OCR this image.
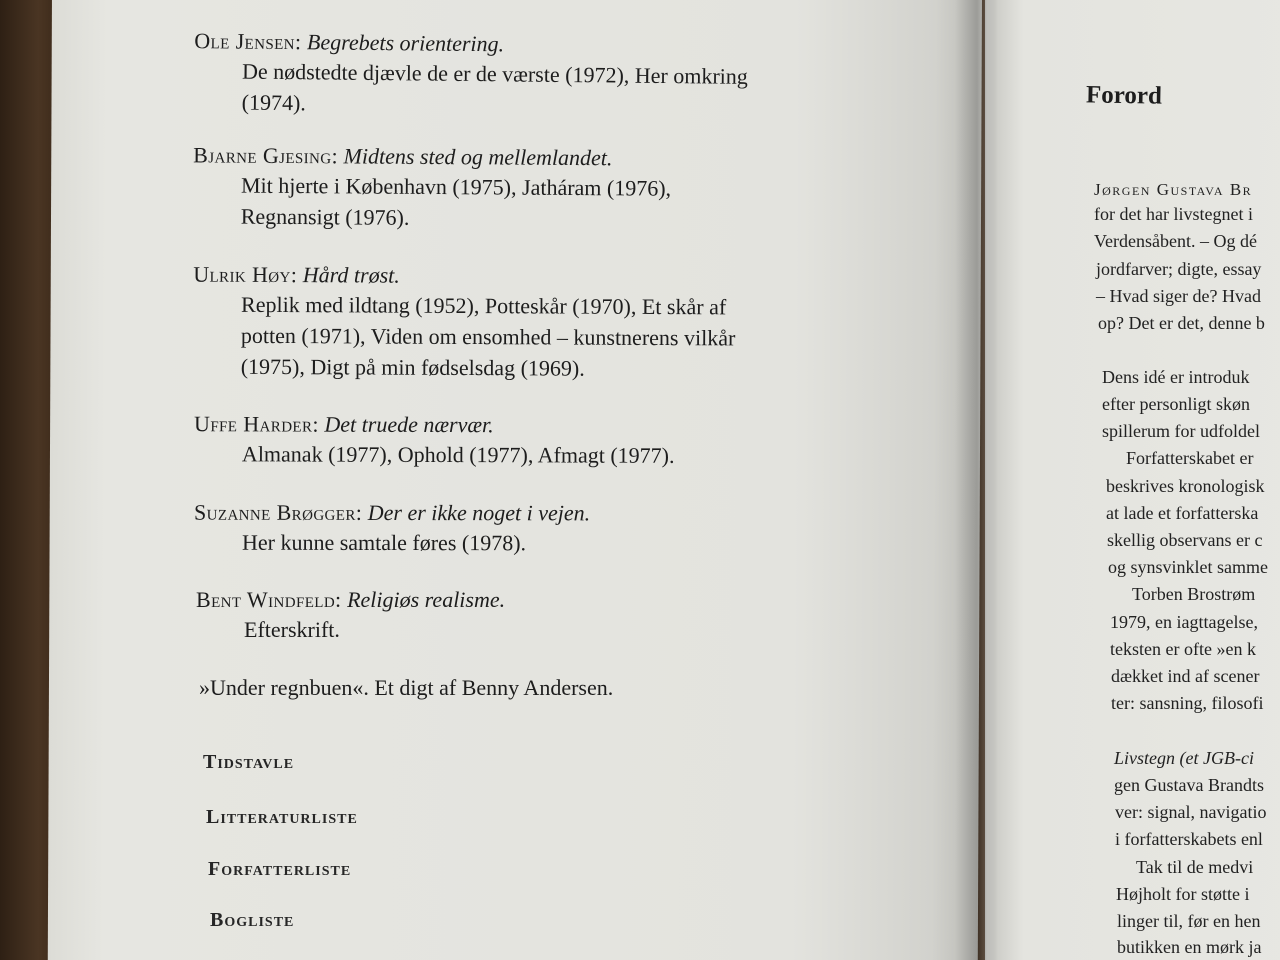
Ole Jensen: Begrebets orientering.
De nødstedte djævle de er de værste (1972), Her omkring
(1974).
Bjarne Gjesing: Midtens sted og mellemlandet.
Mit hjerte i København (1975), Jatháram (1976),
Regnansigt (1976).
Ulrik Høy: Hård trøst.
Replik med ildtang (1952), Potteskår (1970), Et skår af
potten (1971), Viden om ensomhed – kunstnerens vilkår
(1975), Digt på min fødselsdag (1969).
Uffe Harder: Det truede nærvær.
Almanak (1977), Ophold (1977), Afmagt (1977).
Suzanne Brøgger: Der er ikke noget i vejen.
Her kunne samtale føres (1978).
Bent Windfeld: Religiøs realisme.
Efterskrift.
»Under regnbuen«. Et digt af Benny Andersen.
Tidstavle
Litteraturliste
Forfatterliste
Bogliste
Forord
Jørgen Gustava Br
for det har livstegnet i
Verdensåbent. – Og dé
jordfarver; digte, essay
– Hvad siger de? Hvad
op? Det er det, denne b
Dens idé er introduk
efter personligt skøn
spillerum for udfoldel
Forfatterskabet er
beskrives kronologisk
at lade et forfatterska
skellig observans er c
og synsvinklet samme
Torben Brostrøm
1979, en iagttagelse,
teksten er ofte »en k
dækket ind af scener
ter: sansning, filosofi
Livstegn (et JGB-ci
gen Gustava Brandts
ver: signal, navigatio
i forfatterskabets enl
Tak til de medvi
Højholt for støtte i
linger til, før en hen
butikken en mørk ja
